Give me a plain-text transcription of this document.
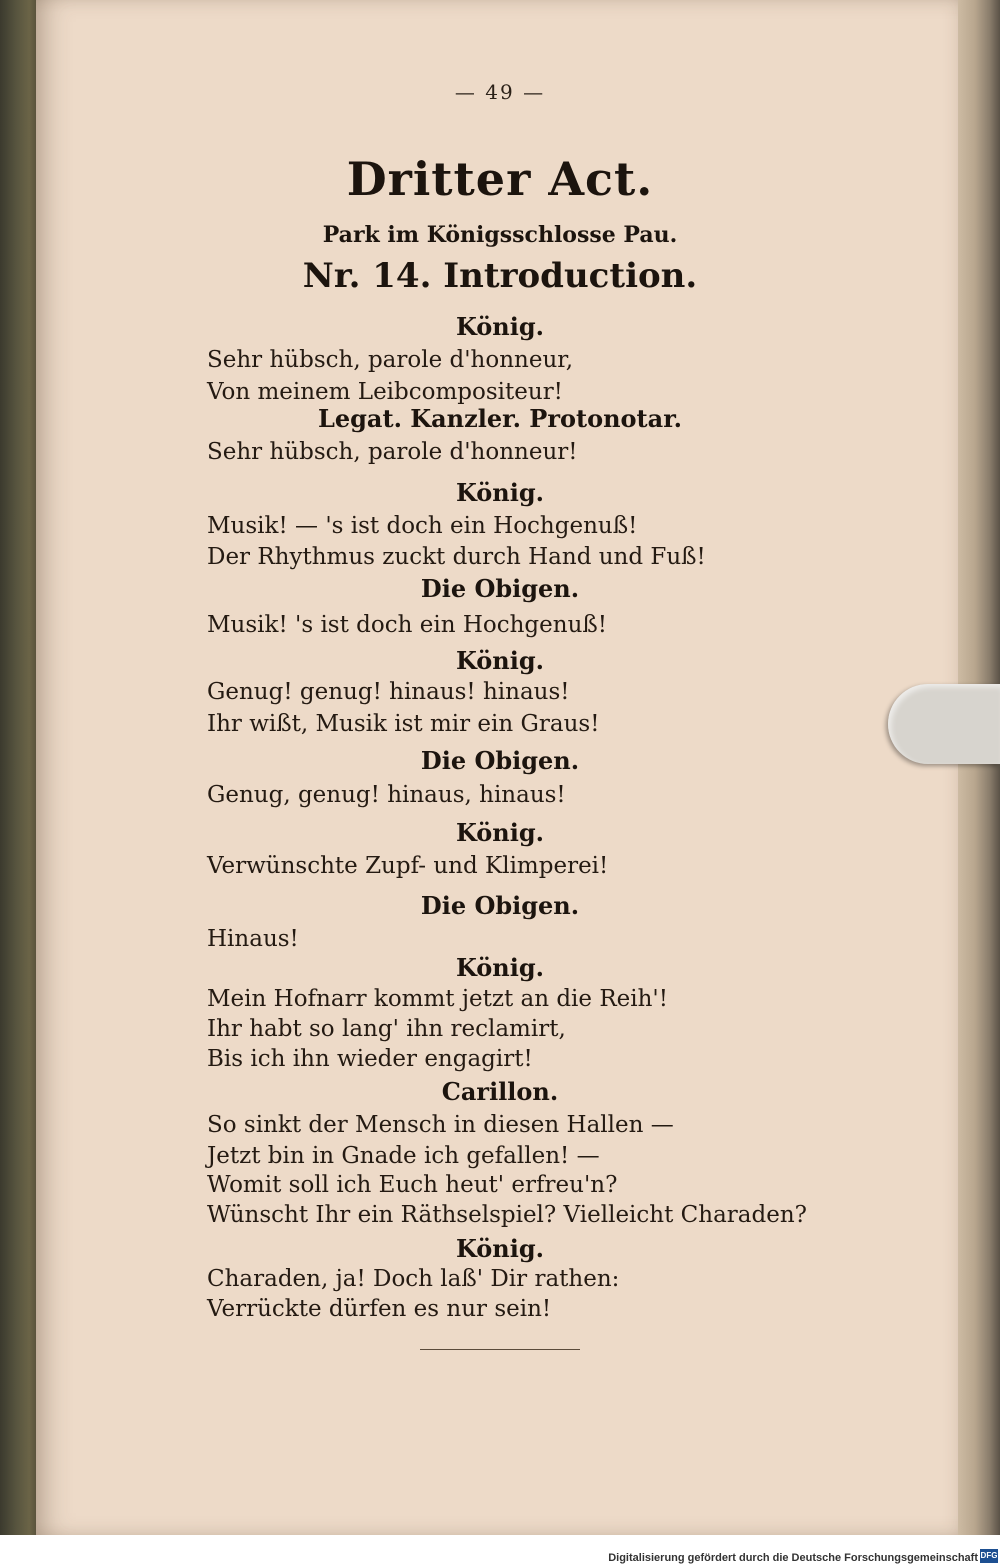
— 49 —
Dritter Act.
Park im Königsschlosse Pau.
Nr. 14. Introduction.
König.
Sehr hübsch, parole d'honneur,
Von meinem Leibcompositeur!
Legat. Kanzler. Protonotar.
Sehr hübsch, parole d'honneur!
König.
Musik! — 's ist doch ein Hochgenuß!
Der Rhythmus zuckt durch Hand und Fuß!
Die Obigen.
Musik! 's ist doch ein Hochgenuß!
König.
Genug! genug! hinaus! hinaus!
Ihr wißt, Musik ist mir ein Graus!
Die Obigen.
Genug, genug! hinaus, hinaus!
König.
Verwünschte Zupf- und Klimperei!
Die Obigen.
Hinaus!
König.
Mein Hofnarr kommt jetzt an die Reih'!
Ihr habt so lang' ihn reclamirt,
Bis ich ihn wieder engagirt!
Carillon.
So sinkt der Mensch in diesen Hallen —
Jetzt bin in Gnade ich gefallen! —
Womit soll ich Euch heut' erfreu'n?
Wünscht Ihr ein Räthselspiel? Vielleicht Charaden?
König.
Charaden, ja! Doch laß' Dir rathen:
Verrückte dürfen es nur sein!
Digitalisierung gefördert durch die Deutsche Forschungsgemeinschaft DFG
